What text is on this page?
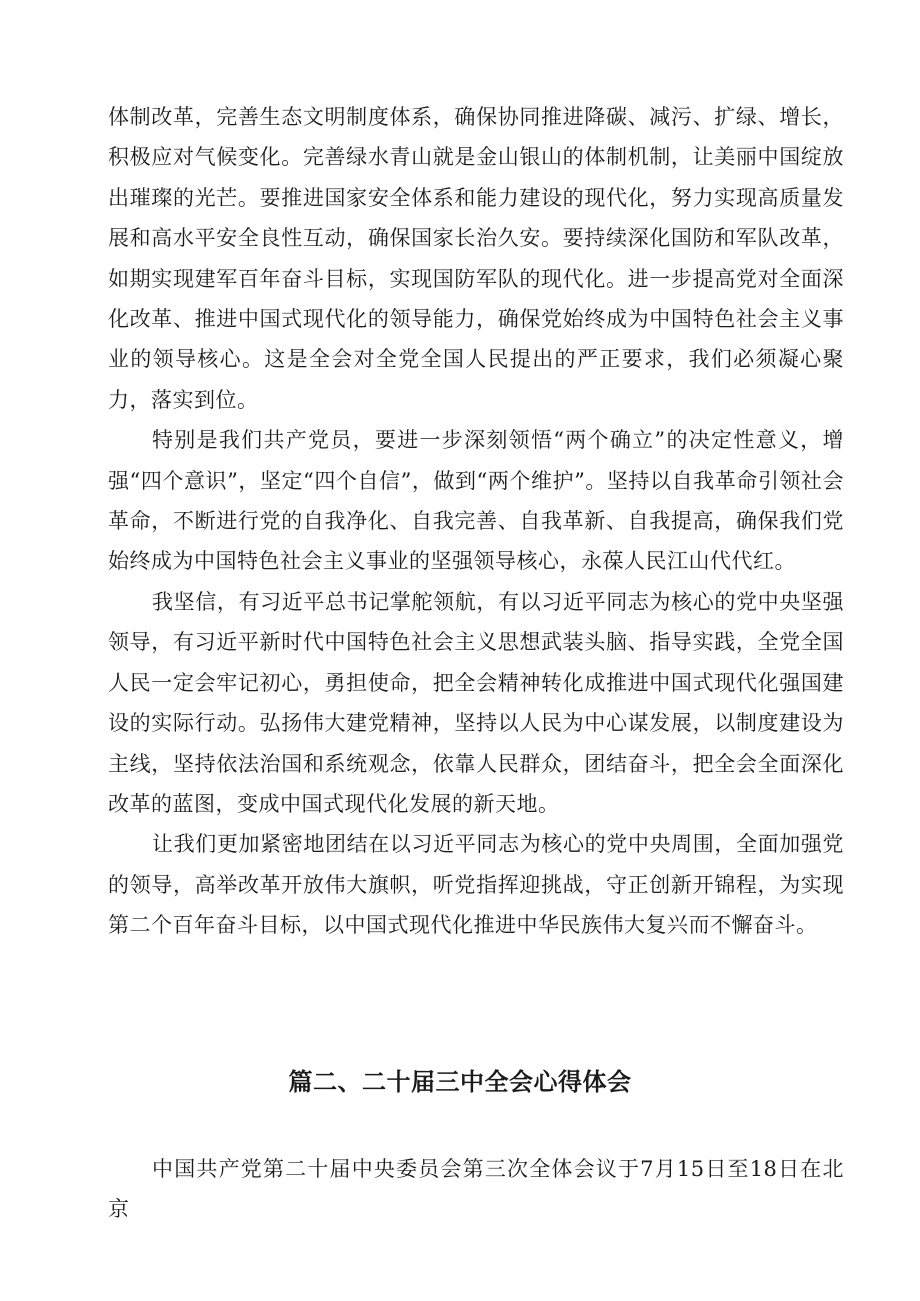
体制改革，完善生态文明制度体系，确保协同推进降碳、减污、扩绿、增长，积极应对气候变化。完善绿水青山就是金山银山的体制机制，让美丽中国绽放出璀璨的光芒。要推进国家安全体系和能力建设的现代化，努力实现高质量发展和高水平安全良性互动，确保国家长治久安。要持续深化国防和军队改革，如期实现建军百年奋斗目标，实现国防军队的现代化。进一步提高党对全面深化改革、推进中国式现代化的领导能力，确保党始终成为中国特色社会主义事业的领导核心。这是全会对全党全国人民提出的严正要求，我们必须凝心聚力，落实到位。

特别是我们共产党员，要进一步深刻领悟“两个确立”的决定性意义，增强“四个意识”，坚定“四个自信”，做到“两个维护”。坚持以自我革命引领社会革命，不断进行党的自我净化、自我完善、自我革新、自我提高，确保我们党始终成为中国特色社会主义事业的坚强领导核心，永葆人民江山代代红。

我坚信，有习近平总书记掌舵领航，有以习近平同志为核心的党中央坚强领导，有习近平新时代中国特色社会主义思想武装头脑、指导实践，全党全国人民一定会牢记初心，勇担使命，把全会精神转化成推进中国式现代化强国建设的实际行动。弘扬伟大建党精神，坚持以人民为中心谋发展，以制度建设为主线，坚持依法治国和系统观念，依靠人民群众，团结奋斗，把全会全面深化改革的蓝图，变成中国式现代化发展的新天地。

让我们更加紧密地团结在以习近平同志为核心的党中央周围，全面加强党的领导，高举改革开放伟大旗帜，听党指挥迎挑战，守正创新开锦程，为实现第二个百年奋斗目标，以中国式现代化推进中华民族伟大复兴而不懈奋斗。

篇二、二十届三中全会心得体会

中国共产党第二十届中央委员会第三次全体会议于7月15日至18日在北京
